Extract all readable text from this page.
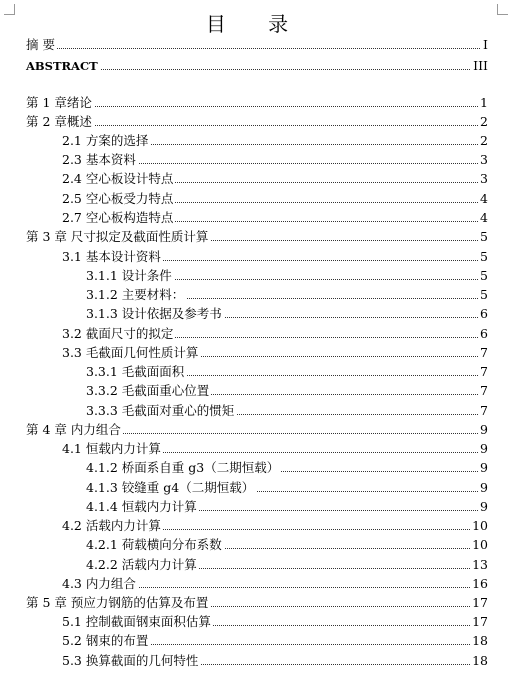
目 录
摘 要	I
ABSTRACT	III
第 1 章绪论	1
第 2 章概述	2
2.1 方案的选择	2
2.3 基本资料	3
2.4 空心板设计特点	3
2.5 空心板受力特点	4
2.7 空心板构造特点	4
第 3 章 尺寸拟定及截面性质计算	5
3.1 基本设计资料	5
3.1.1 设计条件	5
3.1.2 主要材料：	5
3.1.3 设计依据及参考书	6
3.2 截面尺寸的拟定	6
3.3 毛截面几何性质计算	7
3.3.1 毛截面面积	7
3.3.2 毛截面重心位置	7
3.3.3 毛截面对重心的惯矩	7
第 4 章 内力组合	9
4.1 恒载内力计算	9
4.1.2 桥面系自重 g3（二期恒载）	9
4.1.3 铰缝重 g4（二期恒载）	9
4.1.4 恒载内力计算	9
4.2 活载内力计算	10
4.2.1 荷载横向分布系数	10
4.2.2 活载内力计算	13
4.3 内力组合	16
第 5 章 预应力钢筋的估算及布置	17
5.1 控制截面钢束面积估算	17
5.2 钢束的布置	18
5.3 换算截面的几何特性	18
